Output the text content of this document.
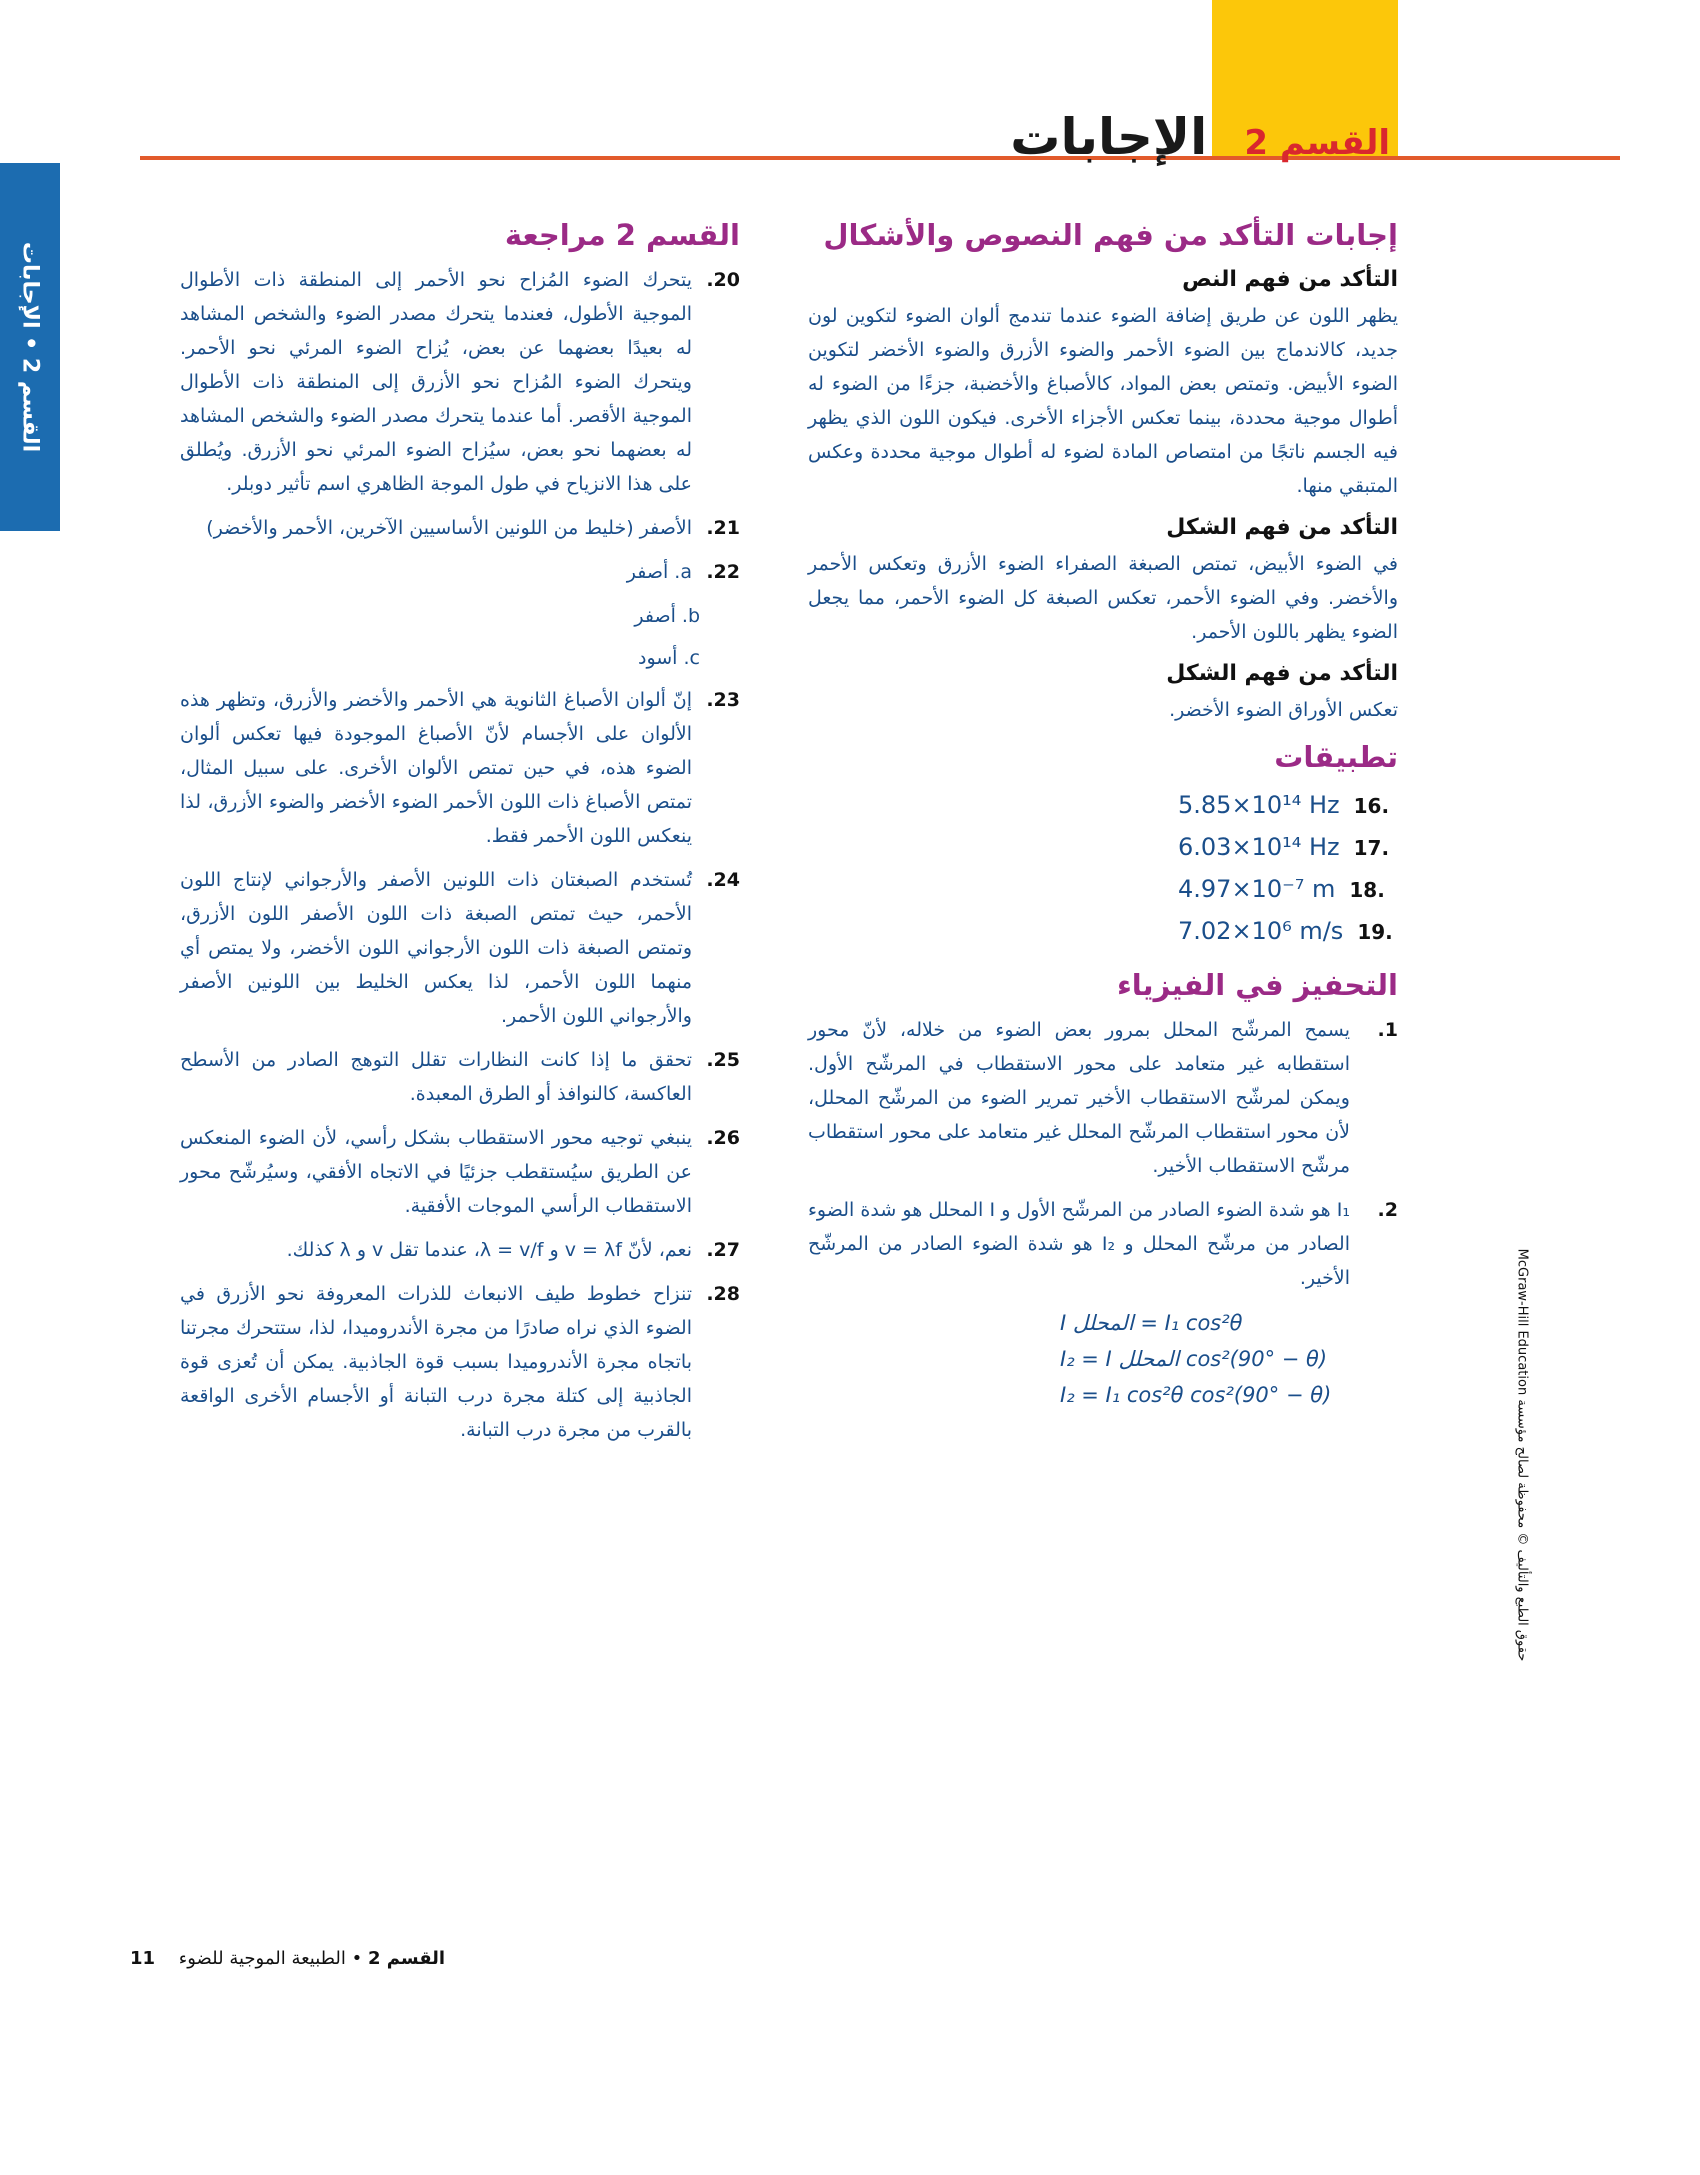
القسم 2 الإجابات
القسم 2 • الإجابات
إجابات التأكد من فهم النصوص والأشكال
التأكد من فهم النص

يظهر اللون عن طريق إضافة الضوء عندما تندمج ألوان الضوء لتكوين لون جديد، كالاندماج بين الضوء الأحمر والضوء الأزرق والضوء الأخضر لتكوين الضوء الأبيض. وتمتص بعض المواد، كالأصباغ والأخضبة، جزءًا من الضوء له أطوال موجية محددة، بينما تعكس الأجزاء الأخرى. فيكون اللون الذي يظهر فيه الجسم ناتجًا من امتصاص المادة لضوء له أطوال موجية محددة وعكس المتبقي منها.

التأكد من فهم الشكل

في الضوء الأبيض، تمتص الصبغة الصفراء الضوء الأزرق وتعكس الأحمر والأخضر. وفي الضوء الأحمر، تعكس الصبغة كل الضوء الأحمر، مما يجعل الضوء يظهر باللون الأحمر.

التأكد من فهم الشكل

تعكس الأوراق الضوء الأخضر.

تطبيقات
5.85×10¹⁴ Hz 16.
6.03×10¹⁴ Hz 17.
4.97×10⁻⁷ m 18.
7.02×10⁶ m/s 19.
التحفيز في الفيزياء
1.
يسمح المرشّح المحلل بمرور بعض الضوء من خلاله، لأنّ محور استقطابه غير متعامد على محور الاستقطاب في المرشّح الأول. ويمكن لمرشّح الاستقطاب الأخير تمرير الضوء من المرشّح المحلل، لأن محور استقطاب المرشّح المحلل غير متعامد على محور استقطاب مرشّح الاستقطاب الأخير.
2.
I₁ هو شدة الضوء الصادر من المرشّح الأول و I المحلل هو شدة الضوء الصادر من مرشّح المحلل و I₂ هو شدة الضوء الصادر من المرشّح الأخير.
I المحلل = I₁ cos²θ
I₂ = I المحلل cos²(90° − θ)
I₂ = I₁ cos²θ cos²(90° − θ)
القسم 2 مراجعة
20.
يتحرك الضوء المُزاح نحو الأحمر إلى المنطقة ذات الأطوال الموجية الأطول، فعندما يتحرك مصدر الضوء والشخص المشاهد له بعيدًا بعضهما عن بعض، يُزاح الضوء المرئي نحو الأحمر. ويتحرك الضوء المُزاح نحو الأزرق إلى المنطقة ذات الأطوال الموجية الأقصر. أما عندما يتحرك مصدر الضوء والشخص المشاهد له بعضهما نحو بعض، سيُزاح الضوء المرئي نحو الأزرق. ويُطلق على هذا الانزياح في طول الموجة الظاهري اسم تأثير دوبلر.
21.
الأصفر (خليط من اللونين الأساسيين الآخرين، الأحمر والأخضر)
22.
a. أصفر
b. أصفر
c. أسود
23.
إنّ ألوان الأصباغ الثانوية هي الأحمر والأخضر والأزرق، وتظهر هذه الألوان على الأجسام لأنّ الأصباغ الموجودة فيها تعكس ألوان الضوء هذه، في حين تمتص الألوان الأخرى. على سبيل المثال، تمتص الأصباغ ذات اللون الأحمر الضوء الأخضر والضوء الأزرق، لذا ينعكس اللون الأحمر فقط.
24.
تُستخدم الصبغتان ذات اللونين الأصفر والأرجواني لإنتاج اللون الأحمر، حيث تمتص الصبغة ذات اللون الأصفر اللون الأزرق، وتمتص الصبغة ذات اللون الأرجواني اللون الأخضر، ولا يمتص أي منهما اللون الأحمر، لذا يعكس الخليط بين اللونين الأصفر والأرجواني اللون الأحمر.
25.
تحقق ما إذا كانت النظارات تقلل التوهج الصادر من الأسطح العاكسة، كالنوافذ أو الطرق المعبدة.
26.
ينبغي توجيه محور الاستقطاب بشكل رأسي، لأن الضوء المنعكس عن الطريق سيُستقطب جزئيًا في الاتجاه الأفقي، وسيُرشّح محور الاستقطاب الرأسي الموجات الأفقية.
27.
نعم، لأنّ v = λf و λ = v/f، عندما تقل v و λ كذلك.
28.
تنزاح خطوط طيف الانبعاث للذرات المعروفة نحو الأزرق في الضوء الذي نراه صادرًا من مجرة الأندروميدا، لذا، ستتحرك مجرتنا باتجاه مجرة الأندروميدا بسبب قوة الجاذبية. يمكن أن تُعزى قوة الجاذبية إلى كتلة مجرة درب التبانة أو الأجسام الأخرى الواقعة بالقرب من مجرة درب التبانة.
McGraw-Hill Education حقوق الطبع والتأليف © محفوظة لصالح مؤسسة
القسم 2 • الطبيعة الموجية للضوء 11
